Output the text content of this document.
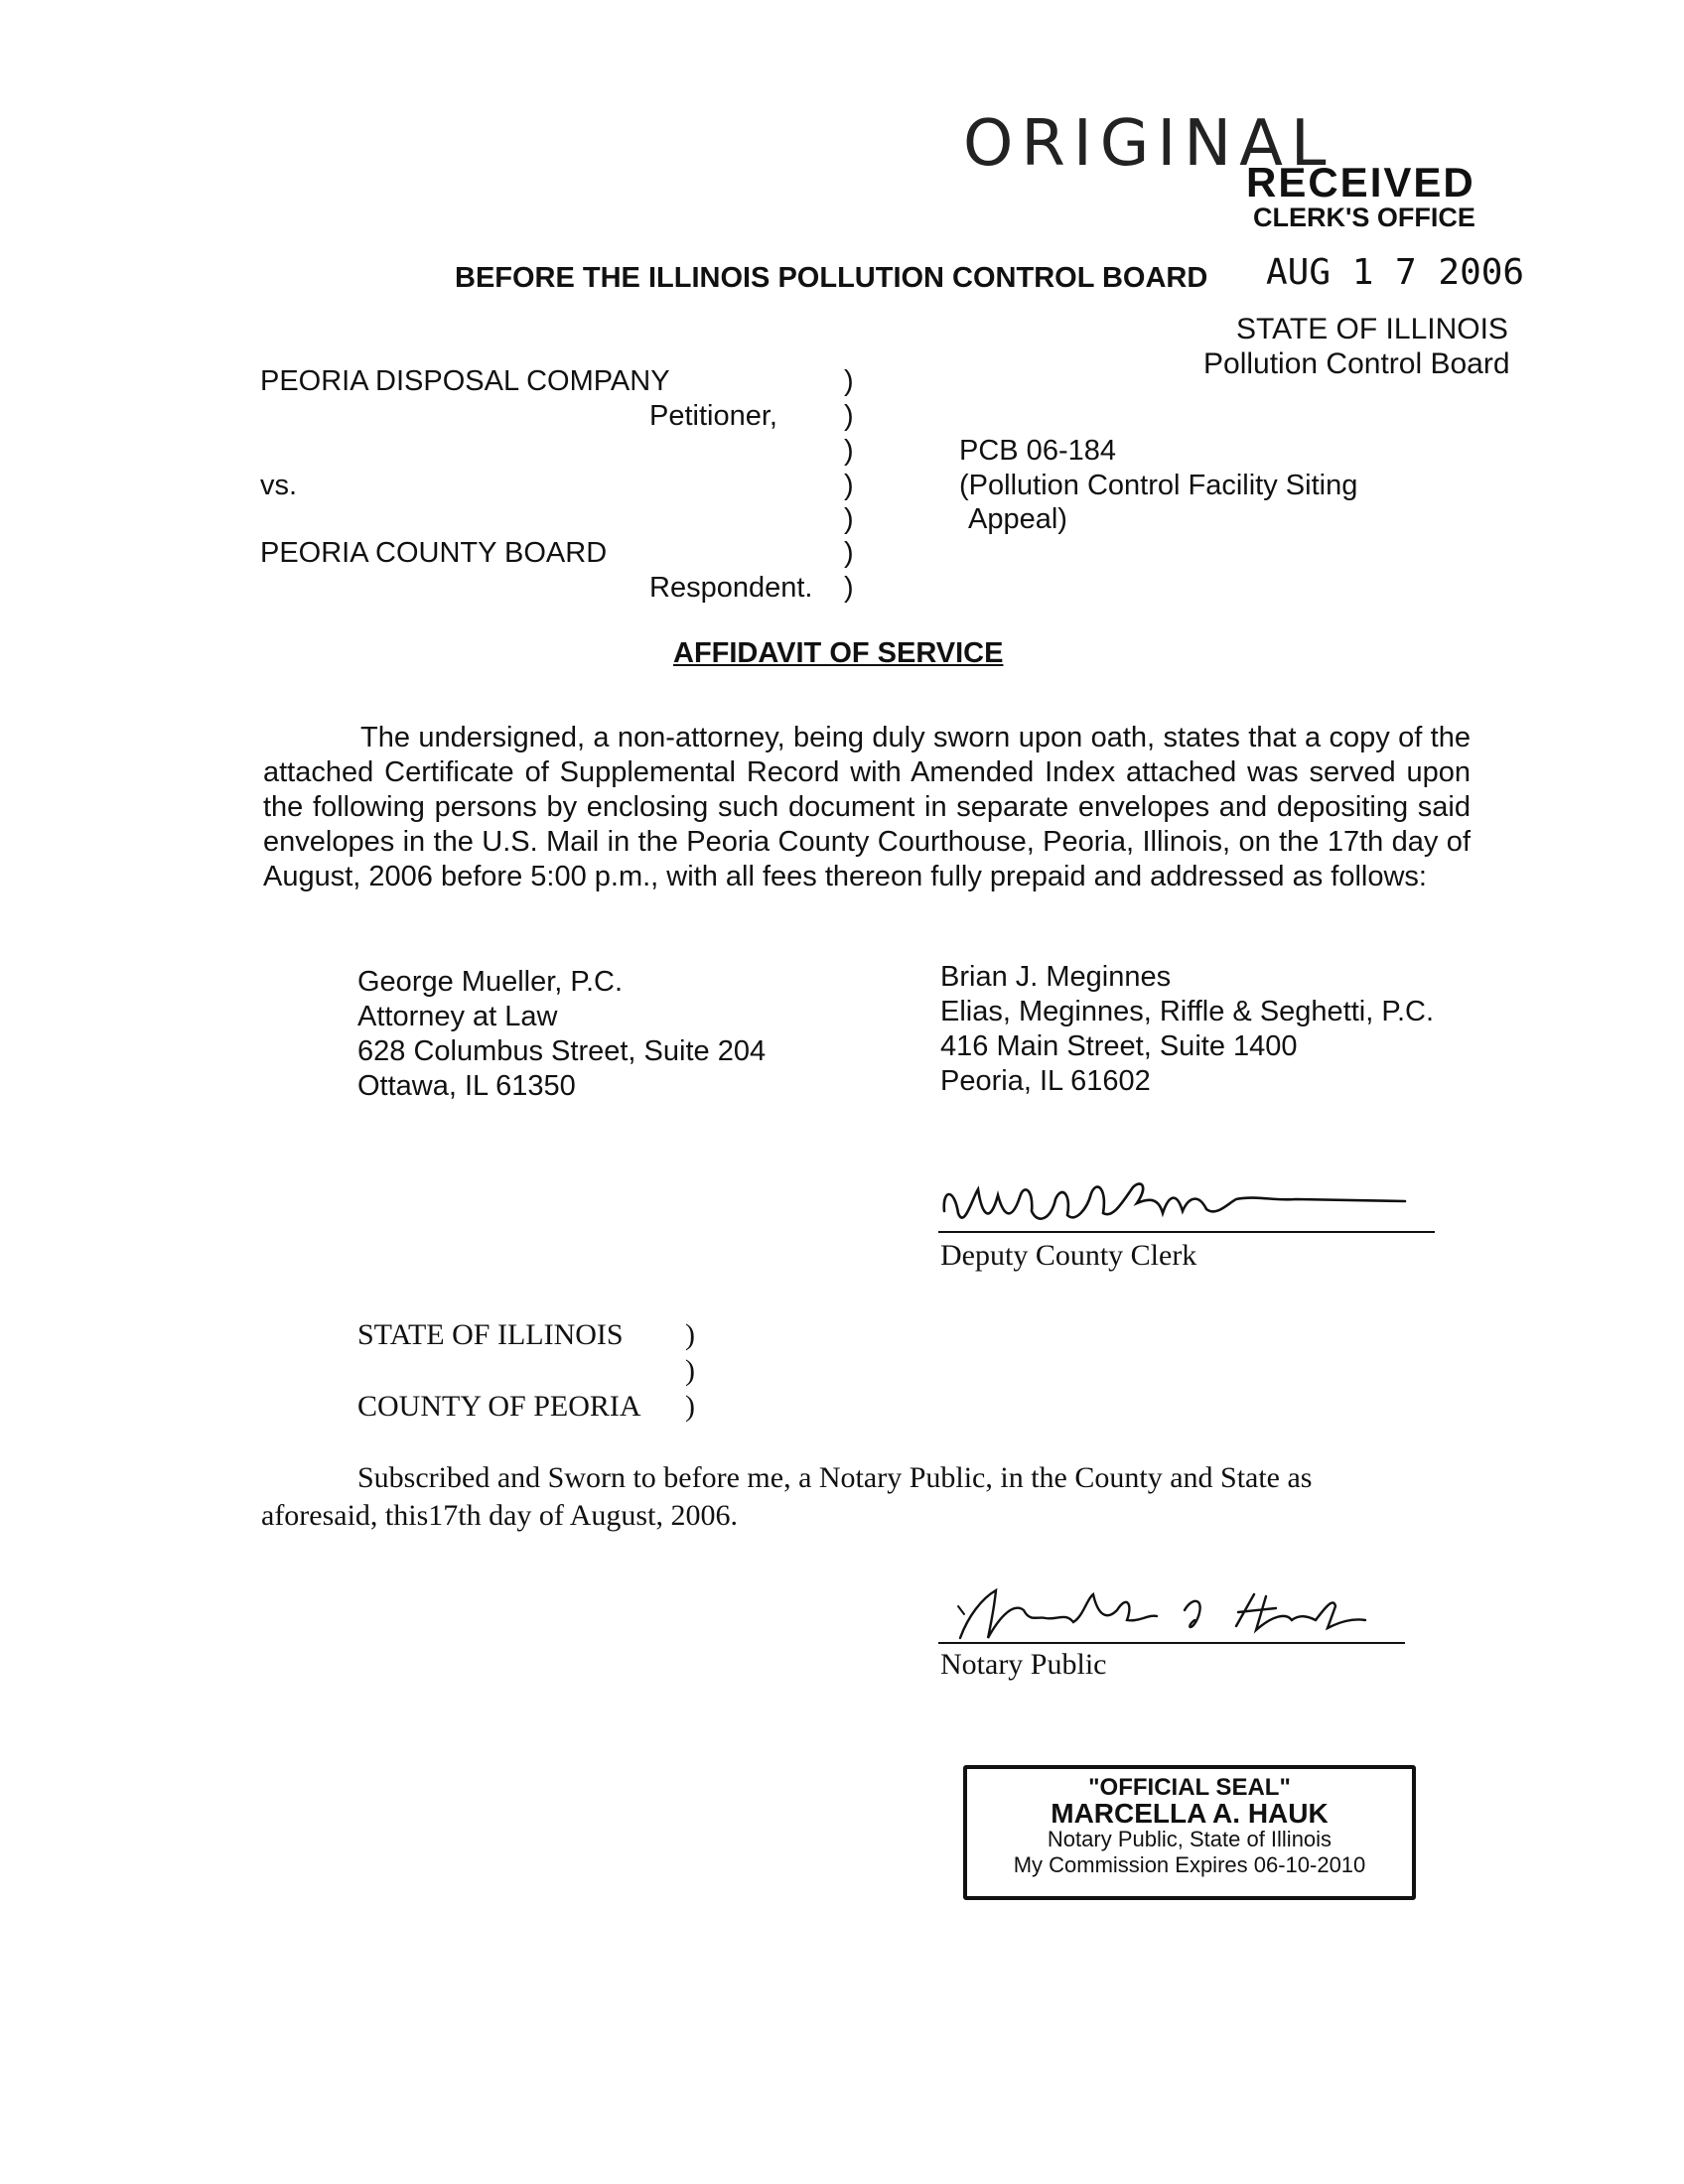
ORIGINAL
RECEIVED
CLERK'S OFFICE
AUG 1 7 2006
STATE OF ILLINOIS
Pollution Control Board
BEFORE THE ILLINOIS POLLUTION CONTROL BOARD
PEORIA DISPOSAL COMPANY
Petitioner,
vs.
PEORIA COUNTY BOARD
Respondent.
)
)
)
)
)
)
)
PCB 06-184
(Pollution Control Facility Siting
Appeal)
AFFIDAVIT OF SERVICE
The undersigned, a non-attorney, being duly sworn upon oath, states that a copy of the attached Certificate of Supplemental Record with Amended Index attached was served upon the following persons by enclosing such document in separate envelopes and depositing said envelopes in the U.S. Mail in the Peoria County Courthouse, Peoria, Illinois, on the 17th day of August, 2006 before 5:00 p.m., with all fees thereon fully prepaid and addressed as follows:
George Mueller, P.C.
Attorney at Law
628 Columbus Street, Suite 204
Ottawa, IL 61350
Brian J. Meginnes
Elias, Meginnes, Riffle & Seghetti, P.C.
416 Main Street, Suite 1400
Peoria, IL 61602
Deputy County Clerk
STATE OF ILLINOIS
COUNTY OF PEORIA
)
)
)
Subscribed and Sworn to before me, a Notary Public, in the County and State as
aforesaid, this17th day of August, 2006.
Notary Public
"OFFICIAL SEAL"
MARCELLA A. HAUK
Notary Public, State of Illinois
My Commission Expires 06-10-2010
